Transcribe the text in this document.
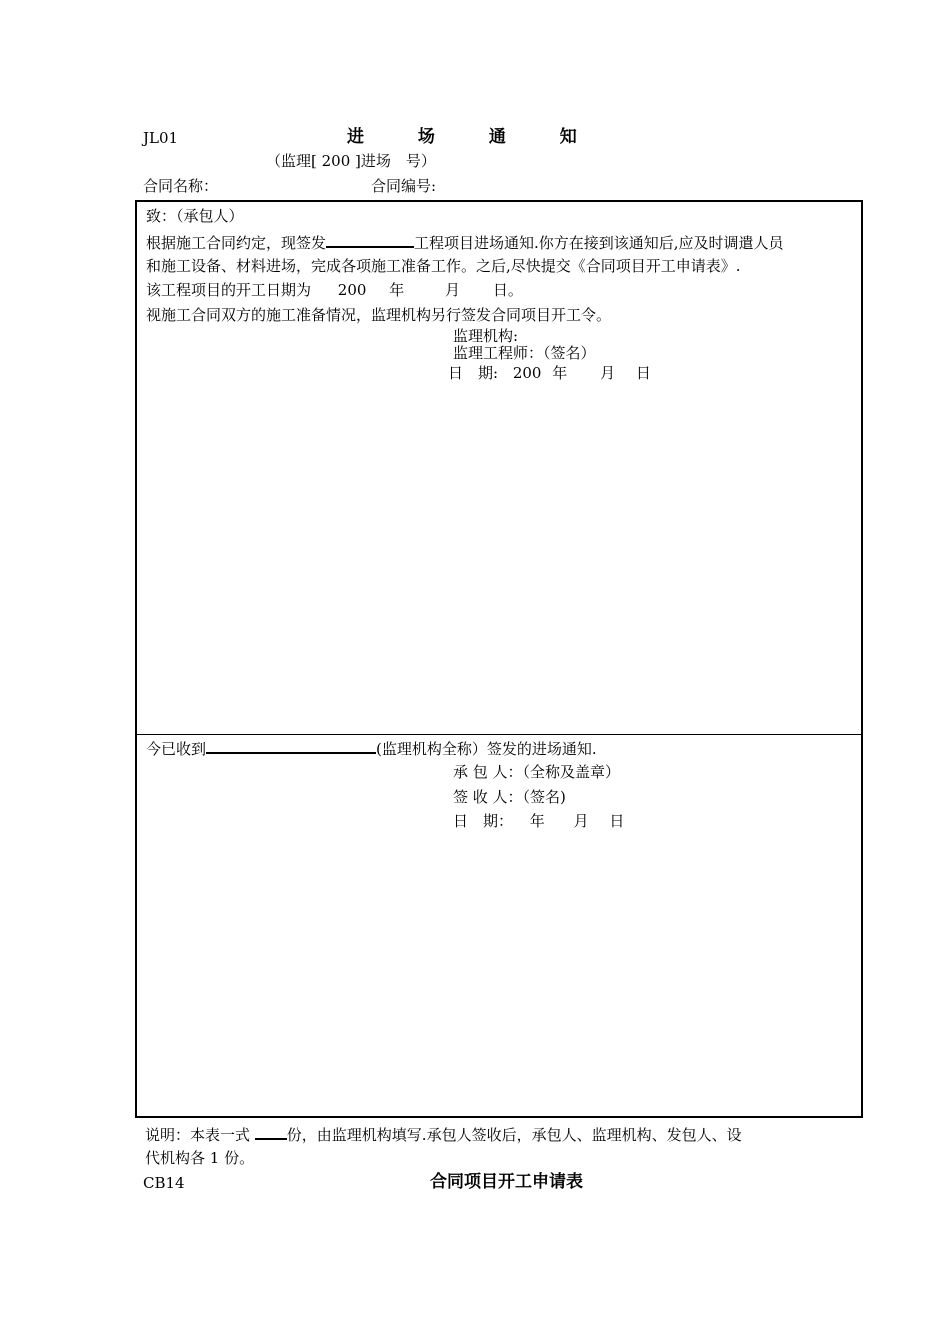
JL01	进 场 通 知
（监理[ 200 ]进场　号）
合同名称：	合同编号:
致：（承包人）
根据施工合同约定，现签发	工程项目进场通知.你方在接到该通知后,应及时调遣人员
和施工设备、材料进场，完成各项施工准备工作。之后,尽快提交《合同项目开工申请表》.
该工程项目的开工日期为 200 年	月 日。
视施工合同双方的施工准备情况，监理机构另行签发合同项目开工令。
监理机构:
监理工程师：（签名）
日　期: 200 年 月 日
今已收到	(监理机构全称）签发的进场通知.
承 包 人：（全称及盖章）
签 收 人：（签名)
日　期： 年 月 日
说明：本表一式 份，由监理机构填写.承包人签收后，承包人、监理机构、发包人、设
代机构各 1 份。
CB14	合同项目开工申请表
